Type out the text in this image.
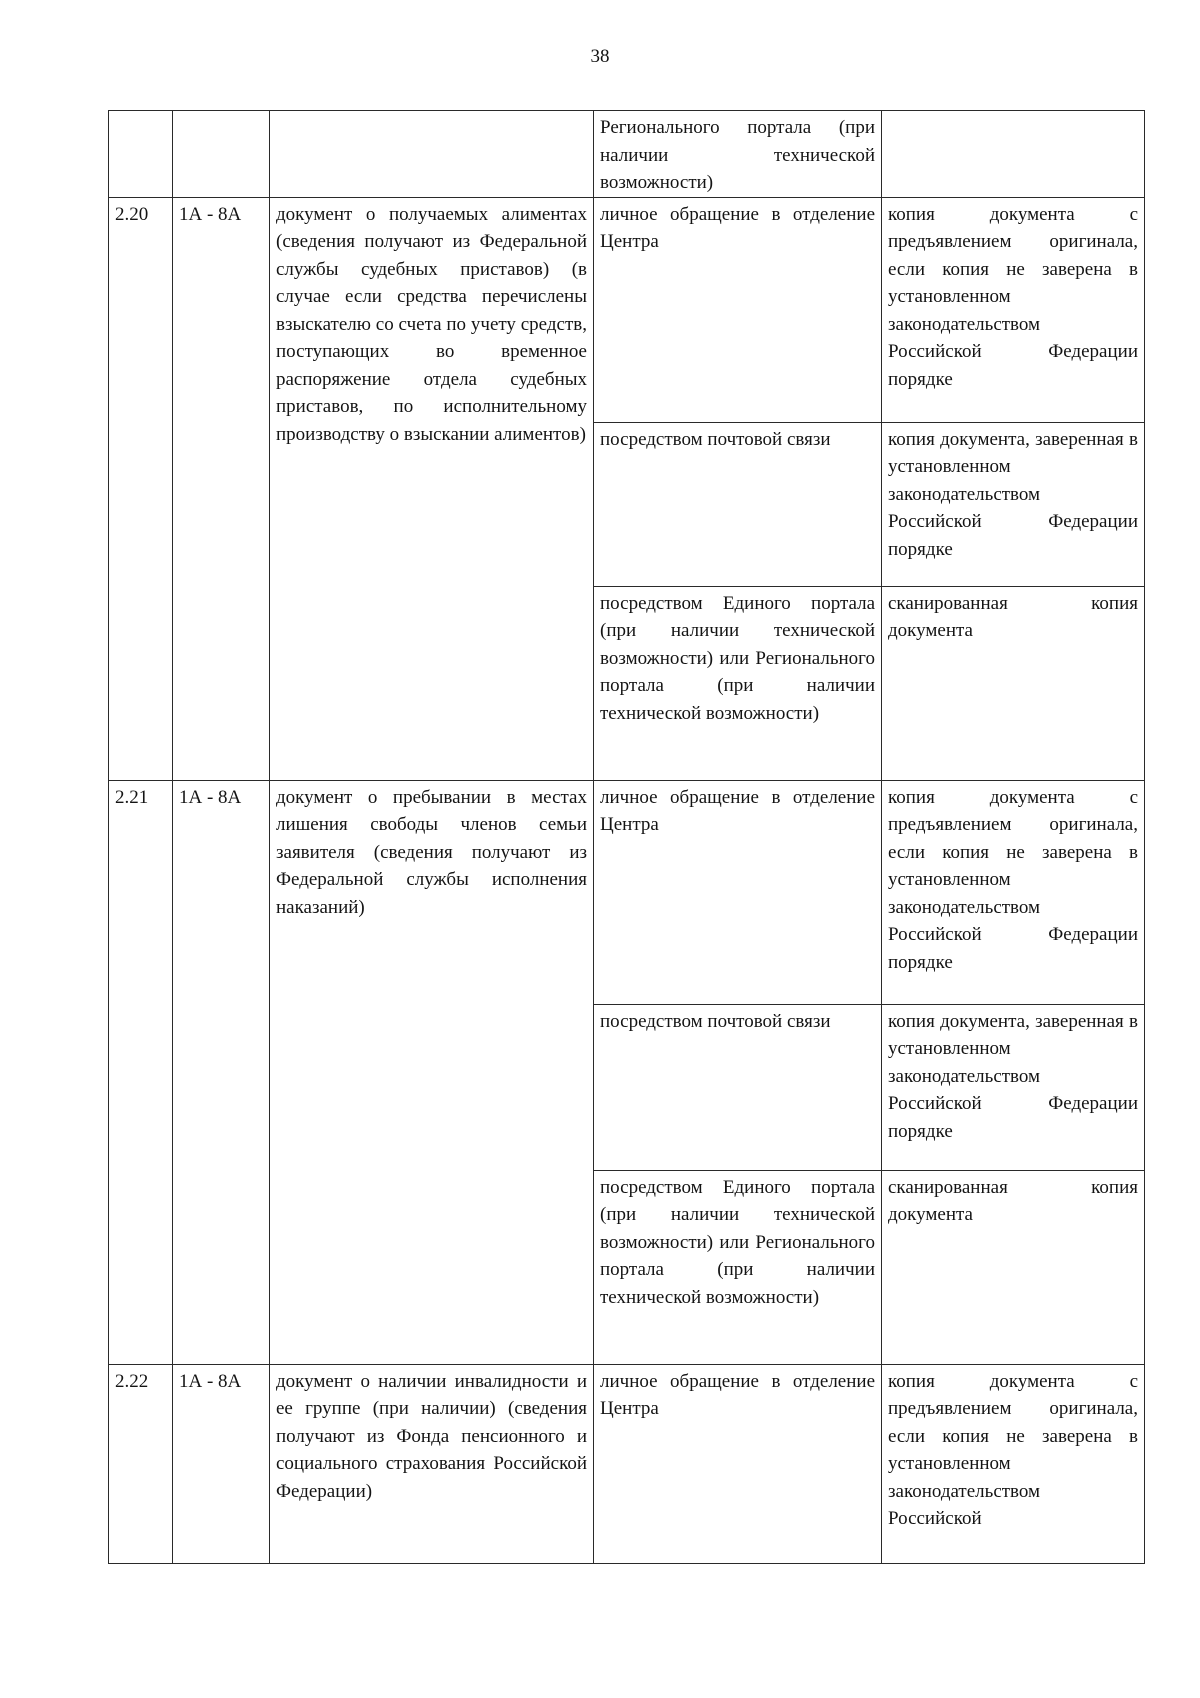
38
			Регионального портала (при наличии технической возможности)	
2.20	1А - 8А	документ о получаемых алиментах (сведения получают из Федеральной службы судебных приставов) (в случае если средства перечислены взыскателю со счета по учету средств, поступающих во временное распоряжение отдела судебных приставов, по исполнительному производству о взыскании алиментов)	личное обращение в отделение Центра	копия документа с предъявлением оригинала, если копия не заверена в установленном законодательством Российской Федерации порядке
			посредством почтовой связи	копия документа, заверенная в установленном законодательством Российской Федерации порядке
			посредством Единого портала (при наличии технической возможности) или Регионального портала (при наличии технической возможности)	сканированная копия документа
2.21	1А - 8А	документ о пребывании в местах лишения свободы членов семьи заявителя (сведения получают из Федеральной службы исполнения наказаний)	личное обращение в отделение Центра	копия документа с предъявлением оригинала, если копия не заверена в установленном законодательством Российской Федерации порядке
			посредством почтовой связи	копия документа, заверенная в установленном законодательством Российской Федерации порядке
			посредством Единого портала (при наличии технической возможности) или Регионального портала (при наличии технической возможности)	сканированная копия документа
2.22	1А - 8А	документ о наличии инвалидности и ее группе (при наличии) (сведения получают из Фонда пенсионного и социального страхования Российской Федерации)	личное обращение в отделение Центра	копия документа с предъявлением оригинала, если копия не заверена в установленном законодательством Российской
